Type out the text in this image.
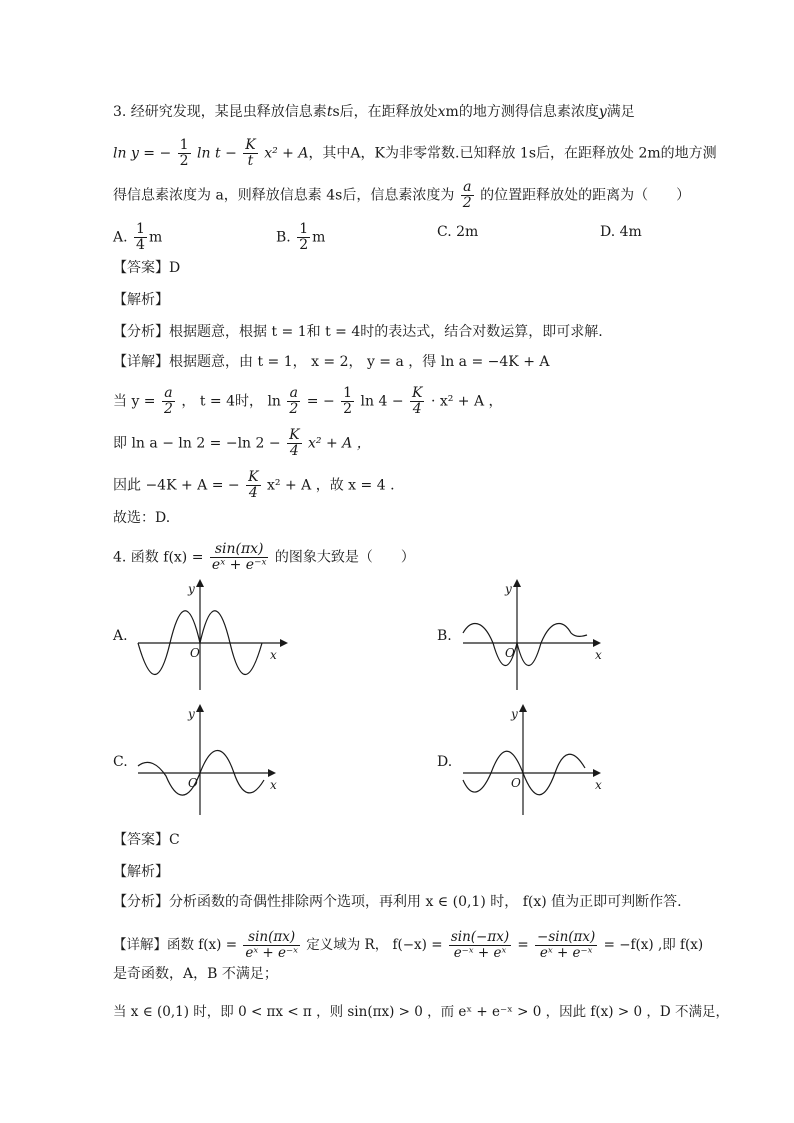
3. 经研究发现，某昆虫释放信息素ts后，在距释放处xm的地方测得信息素浓度y满足
ln y = − $\frac{1}{2}$ $\ln t - \frac{K}{t} x^2 + A$，其中A，K为非零常数.已知释放 1s后，在距释放处 2m的地方测
得信息素浓度为 a，则释放信息素 4s后，信息素浓度为 $\frac{a}{2}$ 的位置距释放处的距离为（　　）
A. $\frac{1}{4}$ m	B. $\frac{1}{2}$ m	C. 2m	D. 4m
【答案】D
【解析】
【分析】根据题意，根据 t = 1和 t = 4时的表达式，结合对数运算，即可求解.
【详解】根据题意，由 t = 1， x = 2， y = a ，得 ln a = −4K + A
当 $y = \frac{a}{2}$ ， t = 4时， $\ln \frac{a}{2}$ = − $\frac{1}{2}$ $\ln 4 - \frac{K}{4} \cdot x^2 + A$ ，
即 ln a − ln 2 = −ln $2 - \frac{K}{4} x^2 + A$ ，
因此 −4K + A = − $\frac{K}{4} x^2 + A$ ，故 x = 4 .
故选：D.
4. 函数 $f(x) = \frac{\sin(\pi x)}{\text{eˣ + e⁻ˣ}}$ 的图象大致是（　　）
A.	B.
C.	D.
O	x
y
O	x
y
O	x
y
O	x
y
【答案】C
【解析】
【分析】分析函数的奇偶性排除两个选项，再利用 x ∈ (0,1) 时， f(x) 值为正即可判断作答.
【详解】函数 $f(x) = \frac{\sin(\pi x)}{\text{eˣ + e⁻ˣ}}$ 定义域为 R， $f(-x) = \frac{\sin(-\pi x)}{\text{e⁻ˣ + eˣ}} = \frac{-\sin(\pi x)}{\text{eˣ + e⁻ˣ}} = -f(x)$ ,即 f(x)
是奇函数，A，B 不满足；
当 x ∈ (0,1) 时，即 0 < πx < π ，则 sin(πx) > 0 ，而 eˣ + e⁻ˣ > 0 ，因此 f(x) > 0 ，D 不满足，
